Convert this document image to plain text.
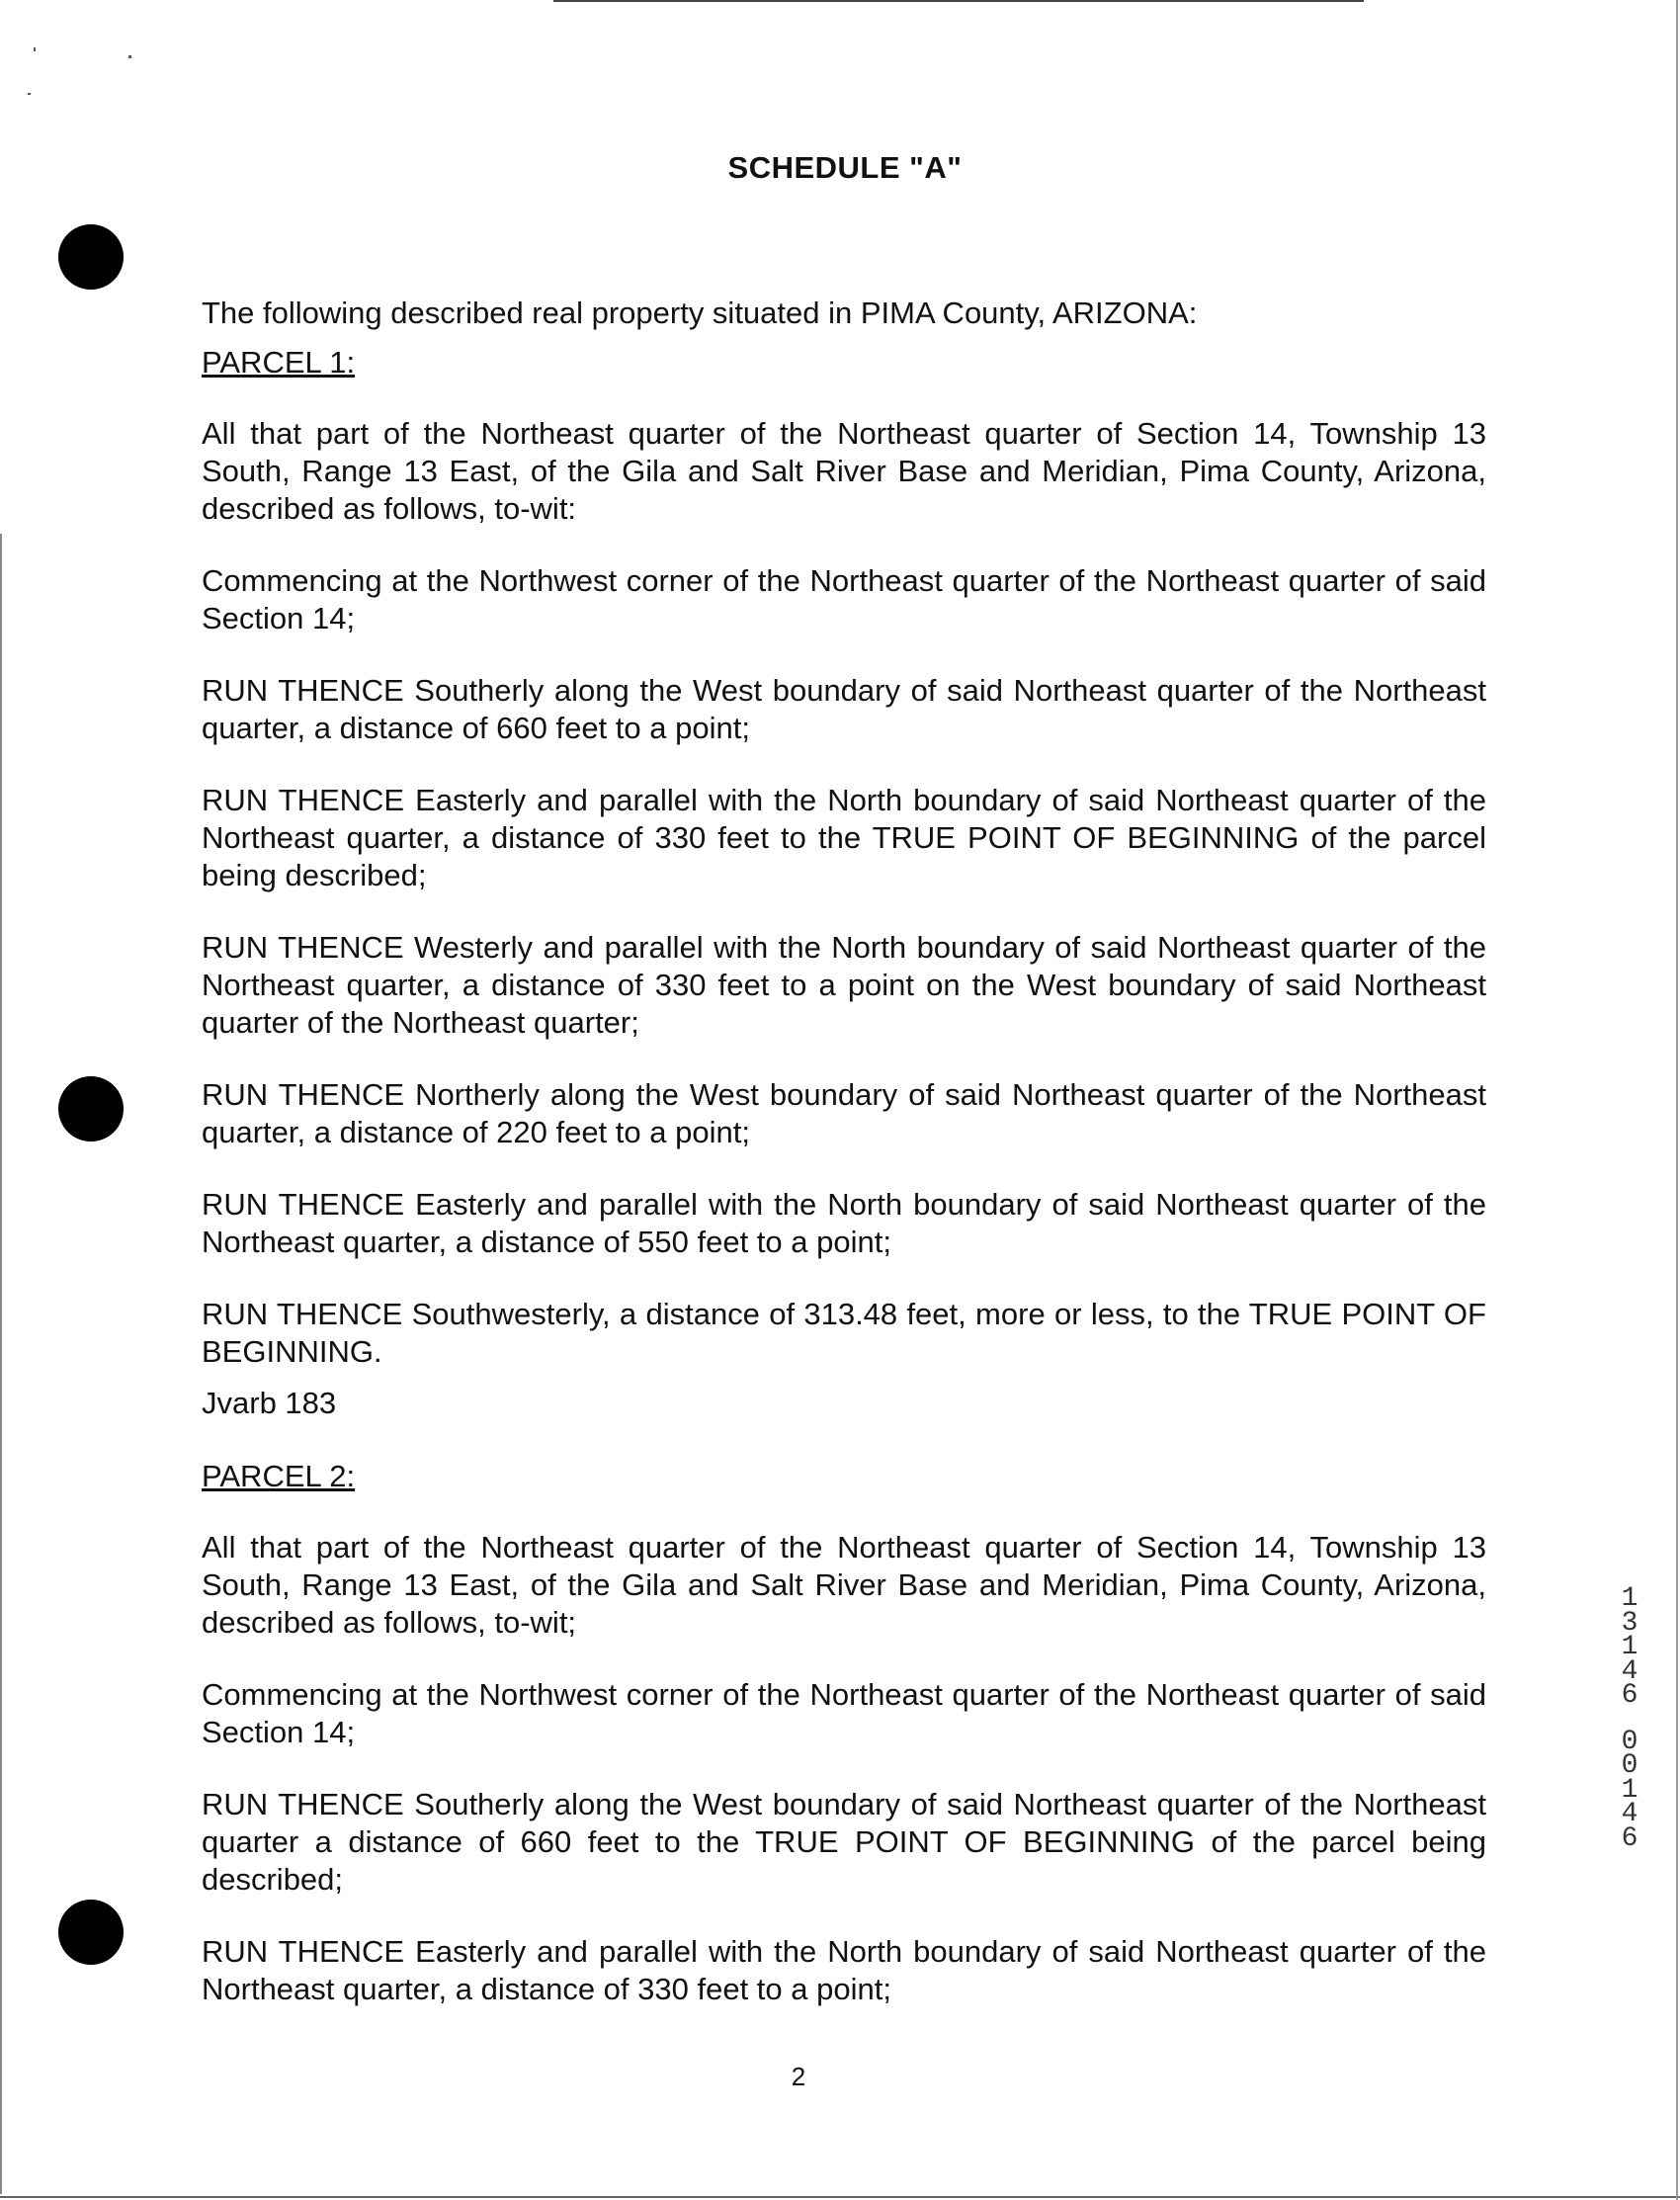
SCHEDULE "A"

The following described real property situated in PIMA County, ARIZONA:

PARCEL 1:

All that part of the Northeast quarter of the Northeast quarter of Section 14, Township 13 South, Range 13 East, of the Gila and Salt River Base and Meridian, Pima County, Arizona, described as follows, to-wit:

Commencing at the Northwest corner of the Northeast quarter of the Northeast quarter of said Section 14;

RUN THENCE Southerly along the West boundary of said Northeast quarter of the Northeast quarter, a distance of 660 feet to a point;

RUN THENCE Easterly and parallel with the North boundary of said Northeast quarter of the Northeast quarter, a distance of 330 feet to the TRUE POINT OF BEGINNING of the parcel being described;

RUN THENCE Westerly and parallel with the North boundary of said Northeast quarter of the Northeast quarter, a distance of 330 feet to a point on the West boundary of said Northeast quarter of the Northeast quarter;

RUN THENCE Northerly along the West boundary of said Northeast quarter of the Northeast quarter, a distance of 220 feet to a point;

RUN THENCE Easterly and parallel with the North boundary of said Northeast quarter of the Northeast quarter, a distance of 550 feet to a point;

RUN THENCE Southwesterly, a distance of 313.48 feet, more or less, to the TRUE POINT OF BEGINNING.

Jvarb 183

PARCEL 2:

All that part of the Northeast quarter of the Northeast quarter of Section 14, Township 13 South, Range 13 East, of the Gila and Salt River Base and Meridian, Pima County, Arizona, described as follows, to-wit;

Commencing at the Northwest corner of the Northeast quarter of the Northeast quarter of said Section 14;

RUN THENCE Southerly along the West boundary of said Northeast quarter of the Northeast quarter a distance of 660 feet to the TRUE POINT OF BEGINNING of the parcel being described;

RUN THENCE Easterly and parallel with the North boundary of said Northeast quarter of the Northeast quarter, a distance of 330 feet to a point;

2
1
3
1
4
6
0
0
1
4
6
